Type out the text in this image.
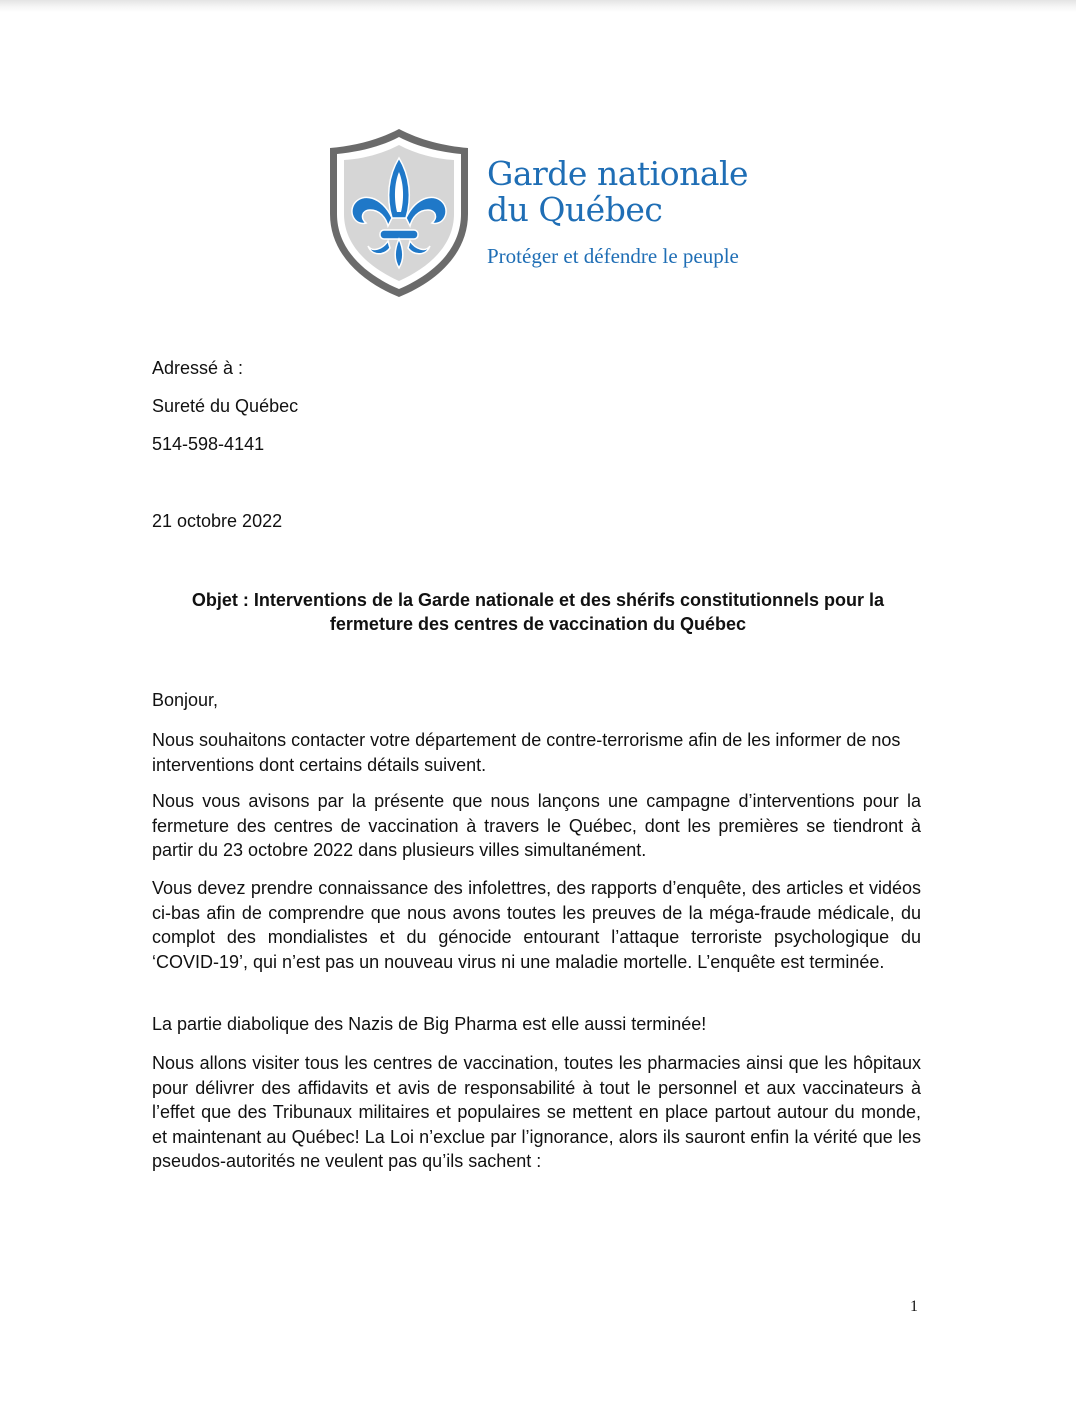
Garde nationale
du Québec
Protéger et défendre le peuple
Adressé à :
Sureté du Québec
514-598-4141
21 octobre 2022
Objet : Interventions de la Garde nationale et des shérifs constitutionnels pour la
fermeture des centres de vaccination du Québec
Bonjour,
Nous souhaitons contacter votre département de contre-terrorisme afin de les informer de nos interventions dont certains détails suivent.
Nous vous avisons par la présente que nous lançons une campagne d’interventions pour la fermeture des centres de vaccination à travers le Québec, dont les premières se tiendront à partir du 23 octobre 2022 dans plusieurs villes simultanément.
Vous devez prendre connaissance des infolettres, des rapports d’enquête, des articles et vidéos ci-bas afin de comprendre que nous avons toutes les preuves de la méga-fraude médicale, du complot des mondialistes et du génocide entourant l’attaque terroriste psychologique du ‘COVID-19’, qui n’est pas un nouveau virus ni une maladie mortelle. L’enquête est terminée.
La partie diabolique des Nazis de Big Pharma est elle aussi terminée!
Nous allons visiter tous les centres de vaccination, toutes les pharmacies ainsi que les hôpitaux pour délivrer des affidavits et avis de responsabilité à tout le personnel et aux vaccinateurs à l’effet que des Tribunaux militaires et populaires se mettent en place partout autour du monde, et maintenant au Québec! La Loi n’exclue par l’ignorance, alors ils sauront enfin la vérité que les pseudos-autorités ne veulent pas qu’ils sachent :
1
